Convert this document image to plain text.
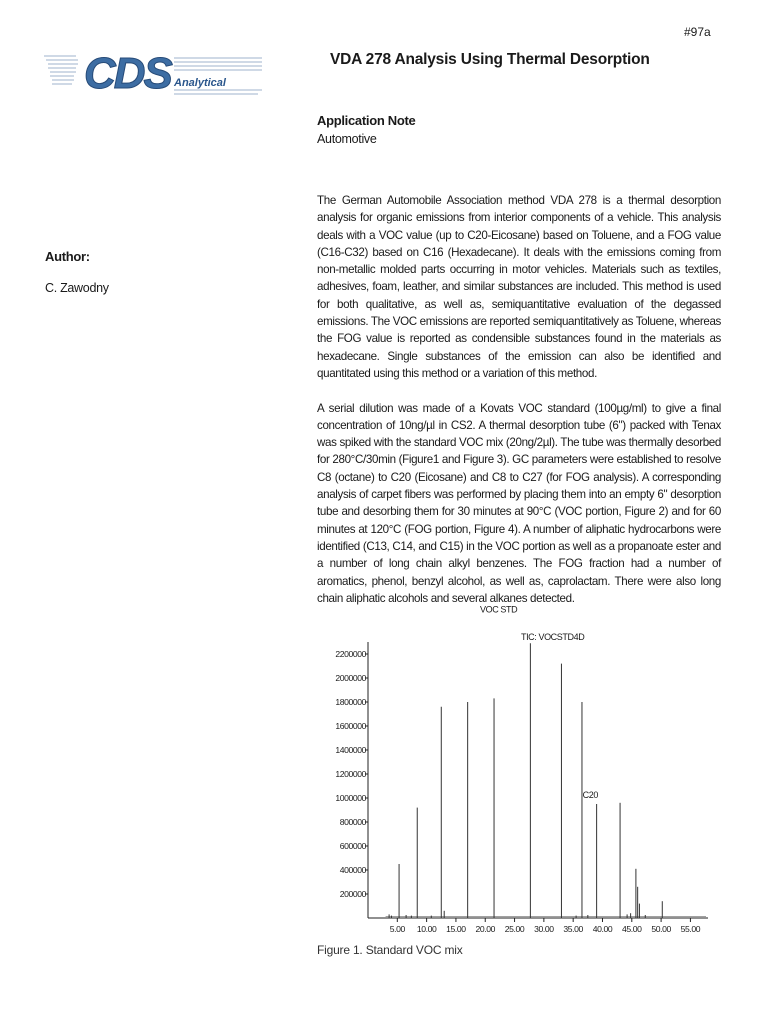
#97a
CDS Analytical
VDA 278 Analysis Using Thermal Desorption
Application Note
Automotive
Author:
C. Zawodny

The German Automobile Association method VDA 278 is a thermal desorption analysis for organic emissions from interior components of a vehicle. This analysis deals with a VOC value (up to C20-Eicosane) based on Toluene, and a FOG value (C16-C32) based on C16 (Hexadecane). It deals with the emissions coming from non-metallic molded parts occurring in motor vehicles. Materials such as textiles, adhesives, foam, leather, and similar substances are included. This method is used for both qualitative, as well as, semiquantitative evaluation of the degassed emissions. The VOC emissions are reported semiquantitatively as Toluene, whereas the FOG value is reported as condensible substances found in the materials as hexadecane. Single substances of the emission can also be identified and quantitated using this method or a variation of this method.

A serial dilution was made of a Kovats VOC standard (100µg/ml) to give a final concentration of 10ng/µl in CS2. A thermal desorption tube (6") packed with Tenax was spiked with the standard VOC mix (20ng/2µl). The tube was thermally desorbed for 280°C/30min (Figure1 and Figure 3). GC parameters were established to resolve C8 (octane) to C20 (Eicosane) and C8 to C27 (for FOG analysis). A corresponding analysis of carpet fibers was performed by placing them into an empty 6" desorption tube and desorbing them for 30 minutes at 90°C (VOC portion, Figure 2) and for 60 minutes at 120°C (FOG portion, Figure 4). A number of aliphatic hydrocarbons were identified (C13, C14, and C15) in the VOC portion as well as a propanoate ester and a number of long chain alkyl benzenes. The FOG fraction had a number of aromatics, phenol, benzyl alcohol, as well as, caprolactam. There were also long chain aliphatic alcohols and several alkanes detected.

200000
400000
600000
800000
1000000
1200000
1400000
1600000
1800000
2000000
2200000
5.00 10.00 15.00 20.00 25.00 30.00 35.00 40.00 45.00 50.00 55.00
TIC: VOCSTD4D
VOC STD
C20
Figure 1. Standard VOC mix
